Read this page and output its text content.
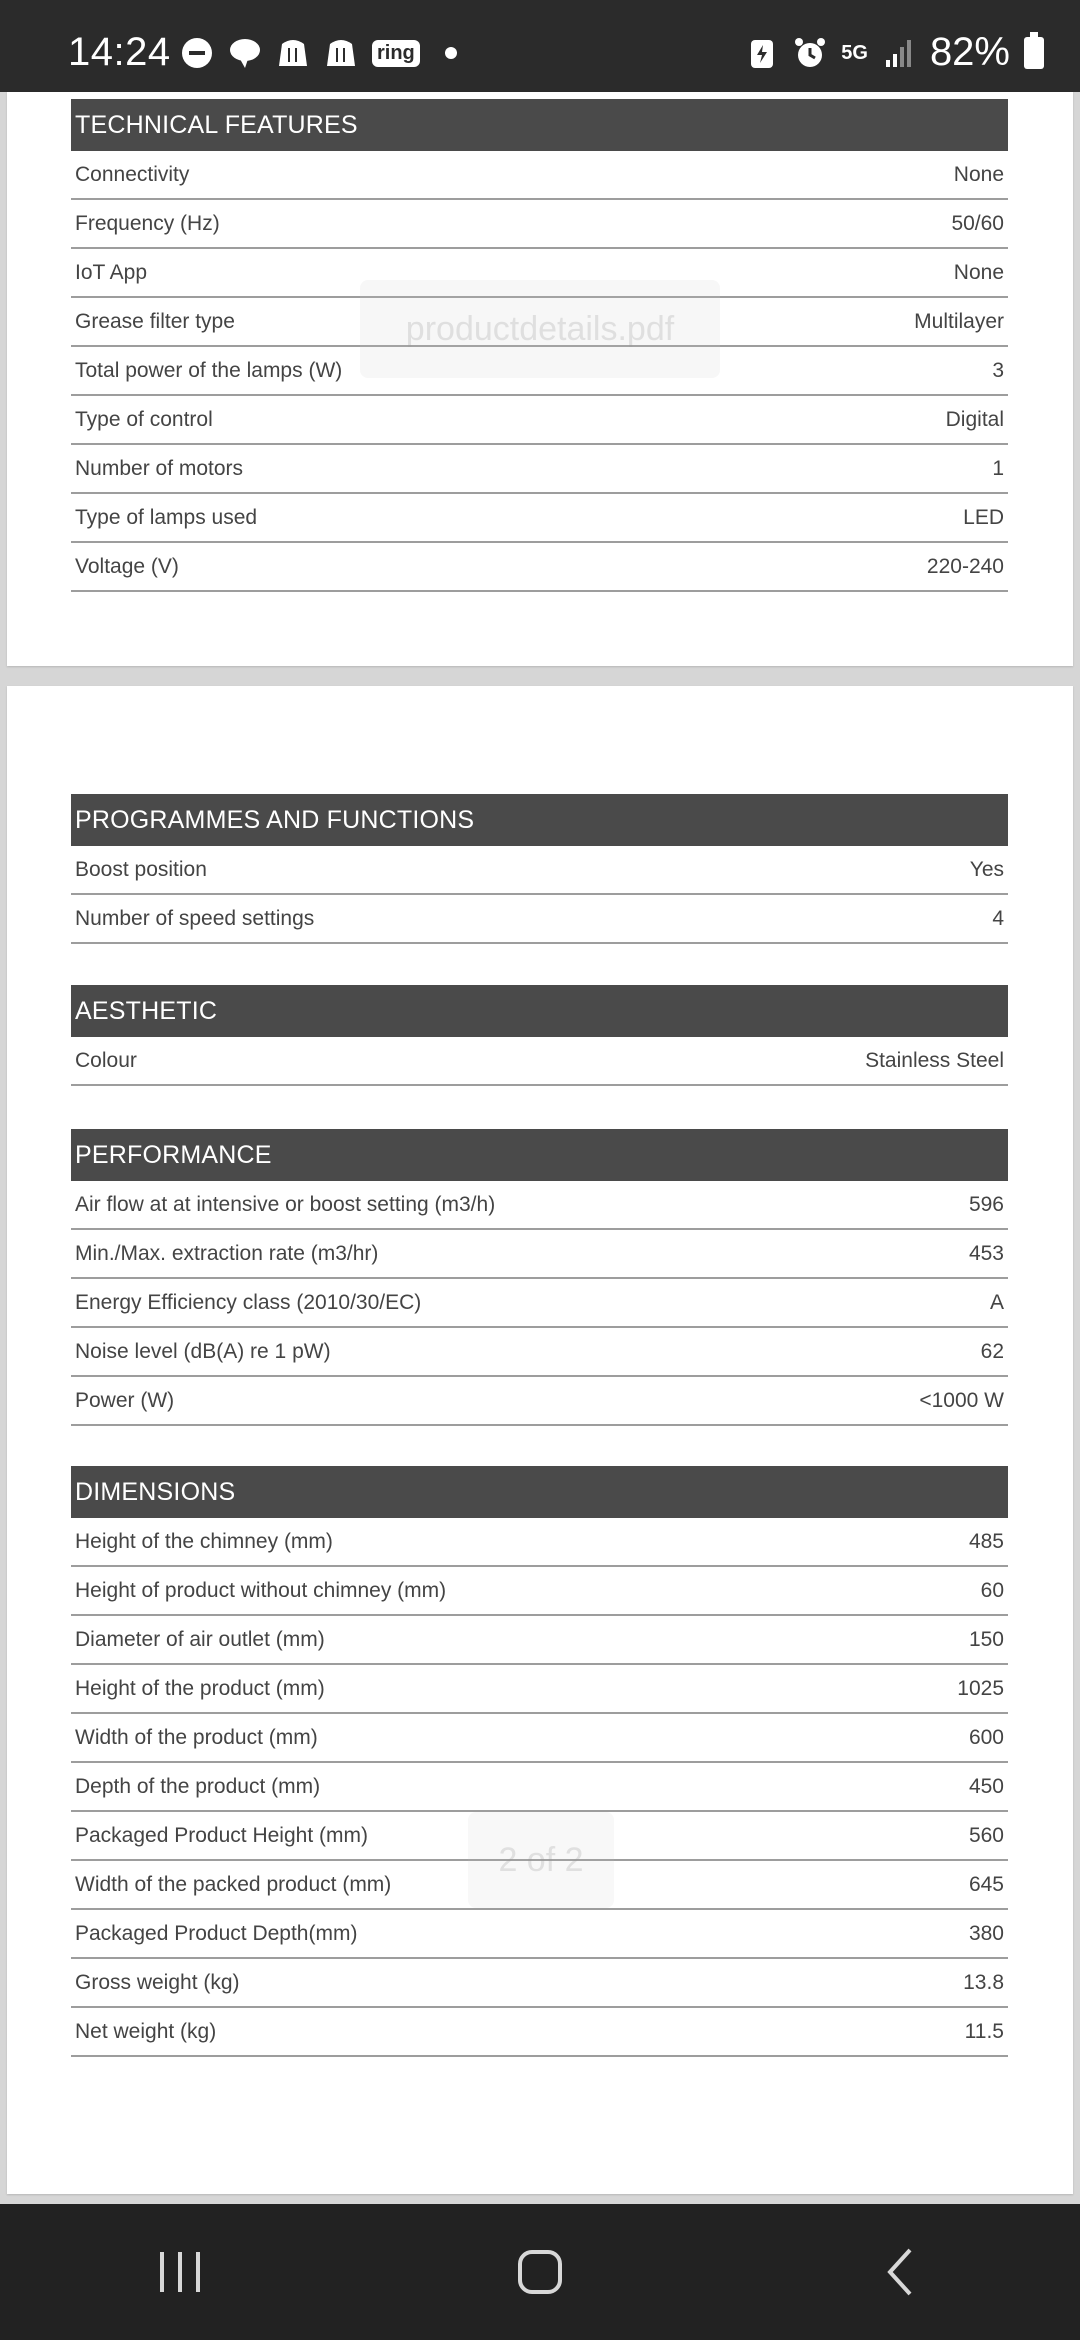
14:24	ring	5G 82%
TECHNICAL FEATURES
Connectivity	None
Frequency (Hz)	50/60
IoT App	None
Grease filter type	Multilayer
Total power of the lamps (W)	3
Type of control	Digital
Number of motors	1
Type of lamps used	LED
Voltage (V)	220-240
PROGRAMMES AND FUNCTIONS
Boost position	Yes
Number of speed settings	4
AESTHETIC
Colour	Stainless Steel
PERFORMANCE
Air flow at at intensive or boost setting (m3/h)	596
Min./Max. extraction rate (m3/hr)	453
Energy Efficiency class (2010/30/EC)	A
Noise level (dB(A) re 1 pW)	62
Power (W)	<1000 W
DIMENSIONS
Height of the chimney (mm)	485
Height of product without chimney (mm)	60
Diameter of air outlet (mm)	150
Height of the product (mm)	1025
Width of the product (mm)	600
Depth of the product (mm)	450
Packaged Product Height (mm)	560
Width of the packed product (mm)	645
Packaged Product Depth(mm)	380
Gross weight (kg)	13.8
Net weight (kg)	11.5
productdetails.pdf
2 of 2
